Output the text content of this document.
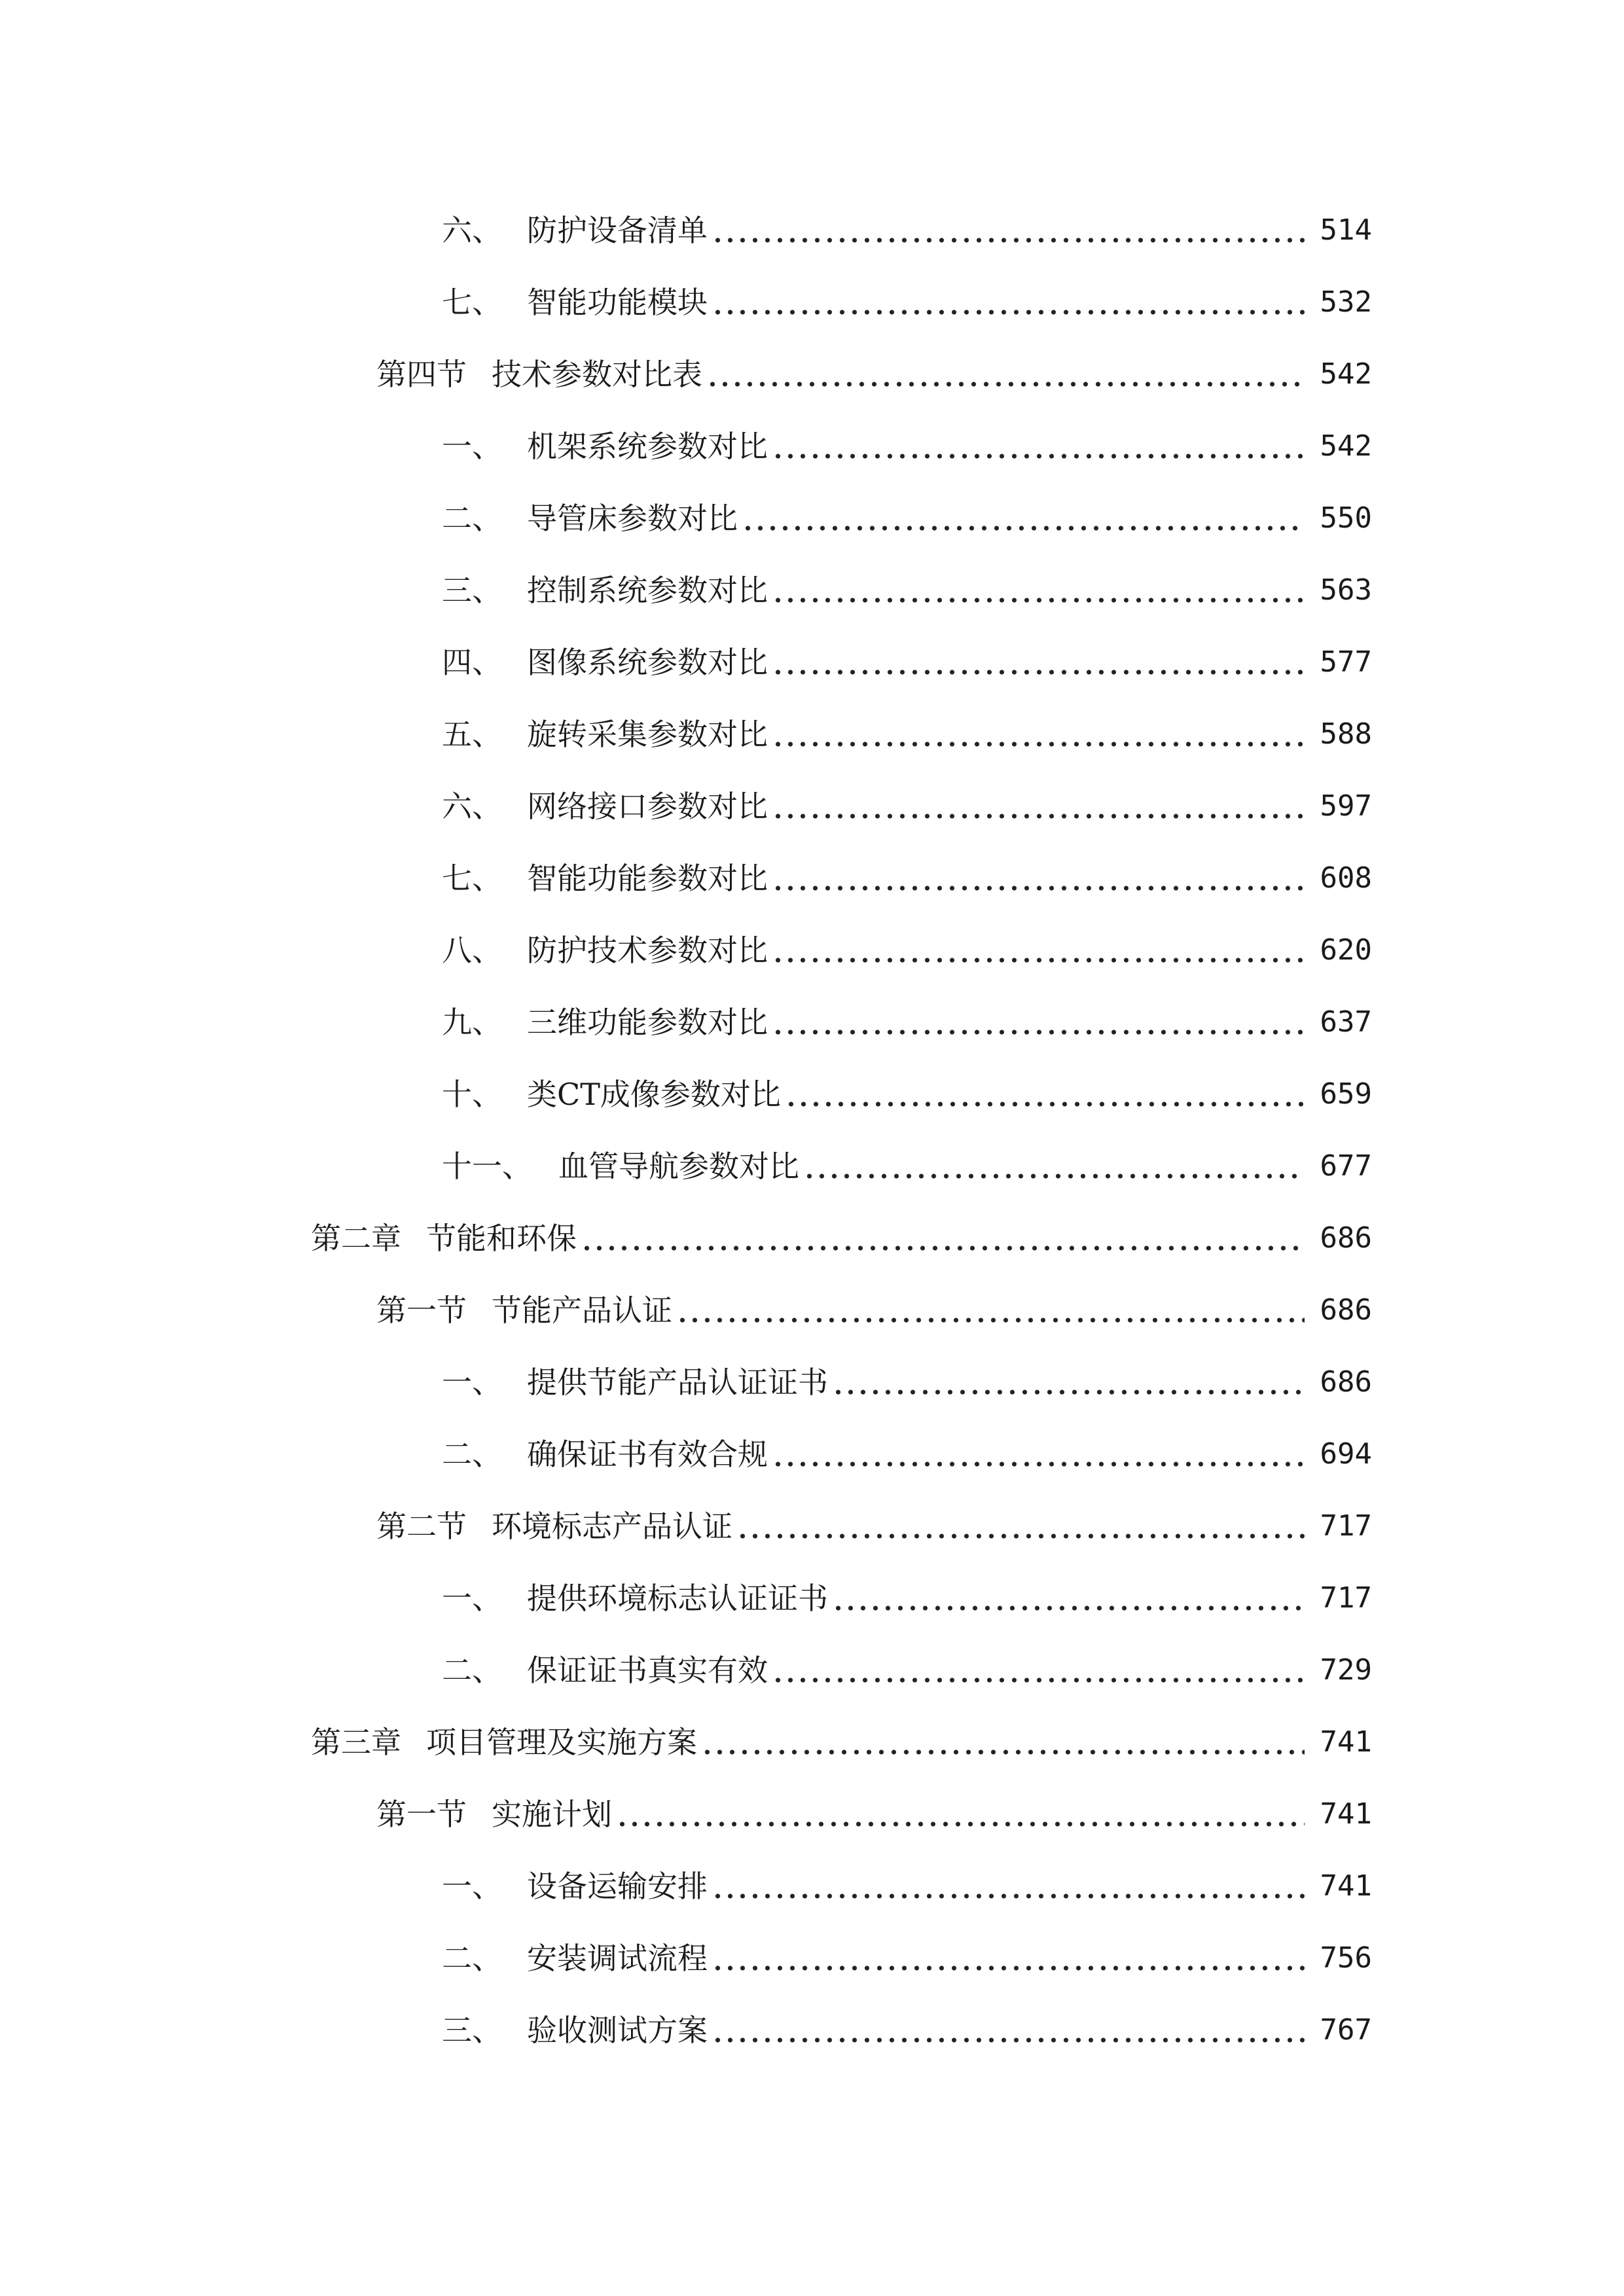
六、 防护设备清单	514
七、 智能功能模块	532
第四节 技术参数对比表	542
一、 机架系统参数对比	542
二、 导管床参数对比	550
三、 控制系统参数对比	563
四、 图像系统参数对比	577
五、 旋转采集参数对比	588
六、 网络接口参数对比	597
七、 智能功能参数对比	608
八、 防护技术参数对比	620
九、 三维功能参数对比	637
十、 类CT成像参数对比	659
十一、 血管导航参数对比	677
第二章 节能和环保	686
第一节 节能产品认证	686
一、 提供节能产品认证证书	686
二、 确保证书有效合规	694
第二节 环境标志产品认证	717
一、 提供环境标志认证证书	717
二、 保证证书真实有效	729
第三章 项目管理及实施方案	741
第一节 实施计划	741
一、 设备运输安排	741
二、 安装调试流程	756
三、 验收测试方案	767
